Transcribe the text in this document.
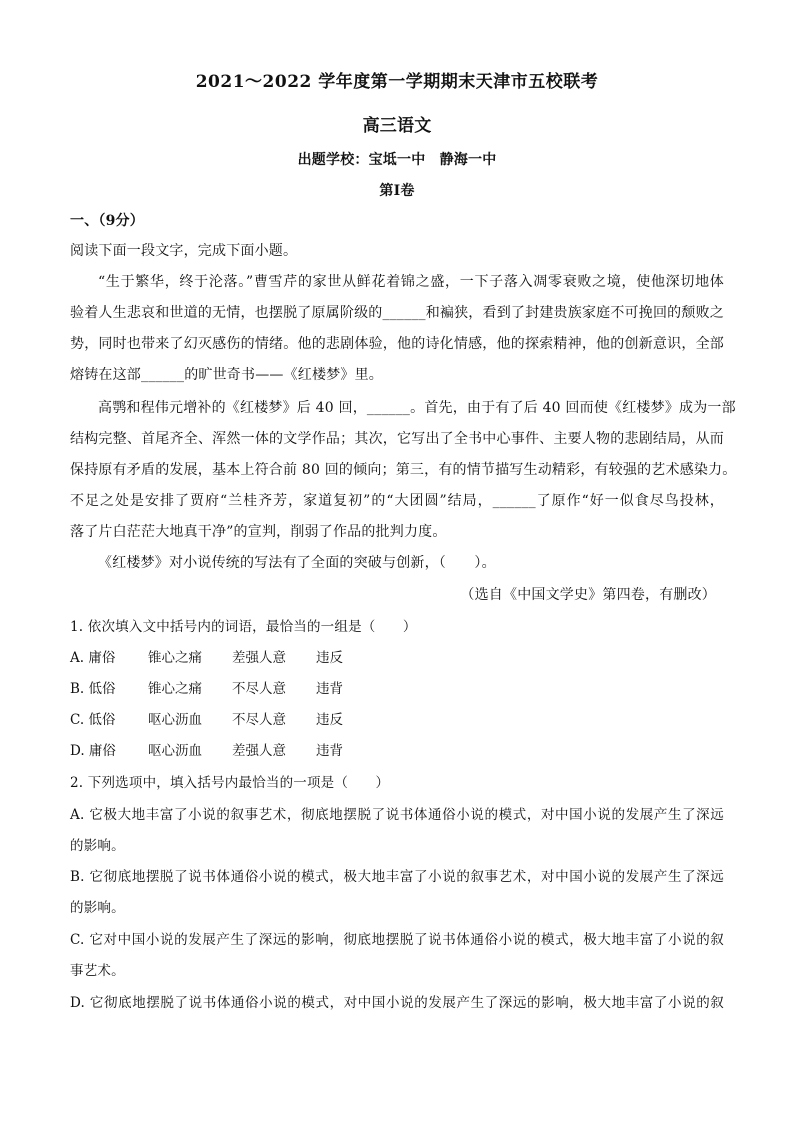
2021～2022 学年度第一学期期末天津市五校联考
高三语文
出题学校：宝坻一中　静海一中
第Ⅰ卷
一、（9分）
阅读下面一段文字，完成下面小题。
“生于繁华，终于沦落。”曹雪芹的家世从鲜花着锦之盛，一下子落入凋零衰败之境，使他深切地体
验着人生悲哀和世道的无情，也摆脱了原属阶级的______和褊狭，看到了封建贵族家庭不可挽回的颓败之
势，同时也带来了幻灭感伤的情绪。他的悲剧体验，他的诗化情感，他的探索精神，他的创新意识，全部
熔铸在这部______的旷世奇书——《红楼梦》里。
高鹗和程伟元增补的《红楼梦》后 40 回，______。首先，由于有了后 40 回而使《红楼梦》成为一部
结构完整、首尾齐全、浑然一体的文学作品；其次，它写出了全书中心事件、主要人物的悲剧结局，从而
保持原有矛盾的发展，基本上符合前 80 回的倾向；第三，有的情节描写生动精彩，有较强的艺术感染力。
不足之处是安排了贾府“兰桂齐芳，家道复初”的“大团圆”结局，______了原作“好一似食尽鸟投林，
落了片白茫茫大地真干净”的宣判，削弱了作品的批判力度。
《红楼梦》对小说传统的写法有了全面的突破与创新，（　　）。
（选自《中国文学史》第四卷，有删改）
1. 依次填入文中括号内的词语，最恰当的一组是（　　）
A. 庸俗 锥心之痛 差强人意 违反
B. 低俗 锥心之痛 不尽人意 违背
C. 低俗 呕心沥血 不尽人意 违反
D. 庸俗 呕心沥血 差强人意 违背
2. 下列选项中，填入括号内最恰当的一项是（　　）
A. 它极大地丰富了小说的叙事艺术，彻底地摆脱了说书体通俗小说的模式，对中国小说的发展产生了深远
的影响。
B. 它彻底地摆脱了说书体通俗小说的模式，极大地丰富了小说的叙事艺术，对中国小说的发展产生了深远
的影响。
C. 它对中国小说的发展产生了深远的影响，彻底地摆脱了说书体通俗小说的模式，极大地丰富了小说的叙
事艺术。
D. 它彻底地摆脱了说书体通俗小说的模式，对中国小说的发展产生了深远的影响，极大地丰富了小说的叙
